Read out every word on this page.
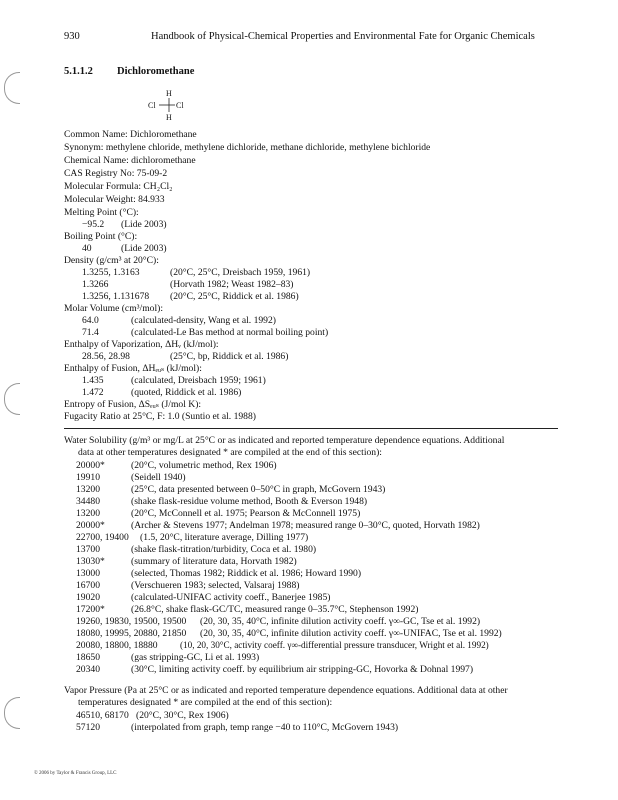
930	Handbook of Physical-Chemical Properties and Environmental Fate for Organic Chemicals
5.1.1.2 Dichloromethane
H
Cl	Cl
H
Common Name: Dichloromethane
Synonym: methylene chloride, methylene dichloride, methane dichloride, methylene bichloride
Chemical Name: dichloromethane
CAS Registry No: 75-09-2
Molecular Formula: CH₂Cl₂
Molecular Weight: 84.933
Melting Point (°C):
−95.2 (Lide 2003)
Boiling Point (°C):
40	(Lide 2003)
Density (g/cm³ at 20°C):
1.3255, 1.3163	(20°C, 25°C, Dreisbach 1959, 1961)
1.3266	(Horvath 1982; Weast 1982–83)
1.3256, 1.131678 (20°C, 25°C, Riddick et al. 1986)
Molar Volume (cm³/mol):
64.0	(calculated-density, Wang et al. 1992)
71.4	(calculated-Le Bas method at normal boiling point)
Enthalpy of Vaporization, ΔHᵥ (kJ/mol):
28.56, 28.98	(25°C, bp, Riddick et al. 1986)
Enthalpy of Fusion, ΔHₑᵤₛ (kJ/mol):
1.435	(calculated, Dreisbach 1959; 1961)
1.472	(quoted, Riddick et al. 1986)
Entropy of Fusion, ΔSₑᵤₛ (J/mol K):
Fugacity Ratio at 25°C, F: 1.0 (Suntio et al. 1988)
Water Solubility (g/m³ or mg/L at 25°C or as indicated and reported temperature dependence equations. Additional
data at other temperatures designated * are compiled at the end of this section):
20000*	(20°C, volumetric method, Rex 1906)
19910	(Seidell 1940)
13200	(25°C, data presented between 0–50°C in graph, McGovern 1943)
34480	(shake flask-residue volume method, Booth & Everson 1948)
13200	(20°C, McConnell et al. 1975; Pearson & McConnell 1975)
20000*	(Archer & Stevens 1977; Andelman 1978; measured range 0–30°C, quoted, Horvath 1982)
22700, 19400 (1.5, 20°C, literature average, Dilling 1977)
13700	(shake flask-titration/turbidity, Coca et al. 1980)
13030*	(summary of literature data, Horvath 1982)
13000	(selected, Thomas 1982; Riddick et al. 1986; Howard 1990)
16700	(Verschueren 1983; selected, Valsaraj 1988)
19020	(calculated-UNIFAC activity coeff., Banerjee 1985)
17200*	(26.8°C, shake flask-GC/TC, measured range 0–35.7°C, Stephenson 1992)
19260, 19830, 19500, 19500 (20, 30, 35, 40°C, infinite dilution activity coeff. γ∞-GC, Tse et al. 1992)
18080, 19995, 20880, 21850 (20, 30, 35, 40°C, infinite dilution activity coeff. γ∞-UNIFAC, Tse et al. 1992)
20080, 18800, 18880 (10, 20, 30°C, activity coeff. γ∞-differential pressure transducer, Wright et al. 1992)
18650	(gas stripping-GC, Li et al. 1993)
20340	(30°C, limiting activity coeff. by equilibrium air stripping-GC, Hovorka & Dohnal 1997)
Vapor Pressure (Pa at 25°C or as indicated and reported temperature dependence equations. Additional data at other
temperatures designated * are compiled at the end of this section):
46510, 68170 (20°C, 30°C, Rex 1906)
57120	(interpolated from graph, temp range −40 to 110°C, McGovern 1943)
© 2006 by Taylor & Francis Group, LLC
